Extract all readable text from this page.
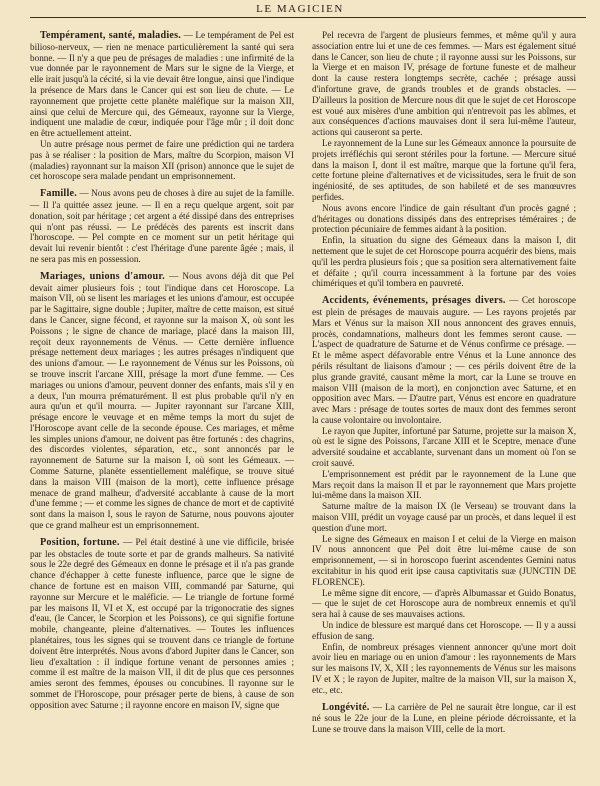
LE MAGICIEN

Tempérament, santé, maladies. — Le tempérament de Pel est bilioso-nerveux, — rien ne menace particulièrement la santé qui sera bonne. — Il n'y a que peu de présages de maladies : une infirmité de la vue donnée par le rayonnement de Mars sur le signe de la Vierge, et elle irait jusqu'à la cécité, si la vie devait être longue, ainsi que l'indique la présence de Mars dans le Cancer qui est son lieu de chute. — Le rayonnement que projette cette planète maléfique sur la maison XII, ainsi que celui de Mercure qui, des Gémeaux, rayonne sur la Vierge, indiquent une maladie de cœur, indiquée pour l'âge mûr ; il doit donc en être actuellement atteint.

Un autre présage nous permet de faire une prédiction qui ne tardera pas à se réaliser : la position de Mars, maître du Scorpion, maison VI (maladies) rayonnant sur la maison XII (prison) annonce que le sujet de cet horoscope sera malade pendant un emprisonnement.

Famille. — Nous avons peu de choses à dire au sujet de la famille. — Il l'a quittée assez jeune. — Il en a reçu quelque argent, soit par donation, soit par héritage ; cet argent a été dissipé dans des entreprises qui n'ont pas réussi. — Le prédécès des parents est inscrit dans l'horoscope. — Pel compte en ce moment sur un petit héritage qui devait lui revenir bientôt : c'est l'héritage d'une parente âgée ; mais, il ne sera pas mis en possession.

Mariages, unions d'amour. — Nous avons déjà dit que Pel devait aimer plusieurs fois ; tout l'indique dans cet Horoscope. La maison VII, où se lisent les mariages et les unions d'amour, est occupée par le Sagittaire, signe double ; Jupiter, maître de cette maison, est situé dans le Cancer, signe fécond, et rayonne sur la maison X, où sont les Poissons ; le signe de chance de mariage, placé dans la maison III, reçoit deux rayonnements de Vénus. — Cette dernière influence présage nettement deux mariages ; les autres présages n'indiquent que des unions d'amour. — Le rayonnement de Vénus sur les Poissons, où se trouve inscrit l'arcane XIII, présage la mort d'une femme. — Ces mariages ou unions d'amour, peuvent donner des enfants, mais s'il y en a deux, l'un mourra prématurément. Il est plus probable qu'il n'y en aura qu'un et qu'il mourra. — Jupiter rayonnant sur l'arcane XIII, présage encore le veuvage et en même temps la mort du sujet de l'Horoscope avant celle de la seconde épouse. Ces mariages, et même les simples unions d'amour, ne doivent pas être fortunés : des chagrins, des discordes violentes, séparation, etc., sont annoncés par le rayonnement de Saturne sur la maison I, où sont les Gémeaux. — Comme Saturne, planète essentiellement maléfique, se trouve situé dans la maison VIII (maison de la mort), cette influence présage menace de grand malheur, d'adversité accablante à cause de la mort d'une femme ; — et comme les signes de chance de mort et de captivité sont dans la maison I, sous le rayon de Saturne, nous pouvons ajouter que ce grand malheur est un emprisonnement.

Position, fortune. — Pel était destiné à une vie difficile, brisée par les obstacles de toute sorte et par de grands malheurs. Sa nativité sous le 22e degré des Gémeaux en donne le présage et il n'a pas grande chance d'échapper à cette funeste influence, parce que le signe de chance de fortune est en maison VIII, commandé par Saturne, qui rayonne sur Mercure et le maléficie. — Le triangle de fortune formé par les maisons II, VI et X, est occupé par la trigonocratie des signes d'eau, (le Cancer, le Scorpion et les Poissons), ce qui signifie fortune mobile, changeante, pleine d'alternatives. — Toutes les influences planétaires, tous les signes qui se trouvent dans ce triangle de fortune doivent être interprétés. Nous avons d'abord Jupiter dans le Cancer, son lieu d'exaltation : il indique fortune venant de personnes amies ; comme il est maître de la maison VII, il dit de plus que ces personnes amies seront des femmes, épouses ou concubines. Il rayonne sur le sommet de l'Horoscope, pour présager perte de biens, à cause de son opposition avec Saturne ; il rayonne encore en maison IV, signe que

Pel recevra de l'argent de plusieurs femmes, et même qu'il y aura association entre lui et une de ces femmes. — Mars est également situé dans le Cancer, son lieu de chute ; il rayonne aussi sur les Poissons, sur la Vierge et en maison IV, présage de fortune funeste et de malheur dont la cause restera longtemps secrète, cachée ; présage aussi d'infortune grave, de grands troubles et de grands obstacles. — D'ailleurs la position de Mercure nous dit que le sujet de cet Horoscope est voué aux misères d'une ambition qui n'entrevoit pas les abîmes, et aux conséquences d'actions mauvaises dont il sera lui-même l'auteur, actions qui causeront sa perte.

Le rayonnement de la Lune sur les Gémeaux annonce la poursuite de projets irréfléchis qui seront stériles pour la fortune. — Mercure situé dans la maison I, dont il est maître, marque que la fortune qu'il fera, cette fortune pleine d'alternatives et de vicissitudes, sera le fruit de son ingéniosité, de ses aptitudes, de son habileté et de ses manœuvres perfides.

Nous avons encore l'indice de gain résultant d'un procès gagné ; d'héritages ou donations dissipés dans des entreprises téméraires ; de protection pécuniaire de femmes aidant à la position.

Enfin, la situation du signe des Gémeaux dans la maison I, dit nettement que le sujet de cet Horoscope pourra acquérir des biens, mais qu'il les perdra plusieurs fois ; que sa position sera alternativement faite et défaite ; qu'il courra incessamment à la fortune par des voies chimériques et qu'il tombera en pauvreté.

Accidents, événements, présages divers. — Cet horoscope est plein de présages de mauvais augure. — Les rayons projetés par Mars et Vénus sur la maison XII nous annoncent des graves ennuis, procès, condamnations, malheurs dont les femmes seront cause. — L'aspect de quadrature de Saturne et de Vénus confirme ce présage. — Et le même aspect défavorable entre Vénus et la Lune annonce des périls résultant de liaisons d'amour ; — ces périls doivent être de la plus grande gravité, causant même la mort, car la Lune se trouve en maison VIII (maison de la mort), en conjonction avec Saturne, et en opposition avec Mars. — D'autre part, Vénus est encore en quadrature avec Mars : présage de toutes sortes de maux dont des femmes seront la cause volontaire ou involontaire.

Le rayon que Jupiter, infortuné par Saturne, projette sur la maison X, où est le signe des Poissons, l'arcane XIII et le Sceptre, menace d'une adversité soudaine et accablante, survenant dans un moment où l'on se croit sauvé.

L'emprisonnement est prédit par le rayonnement de la Lune que Mars reçoit dans la maison II et par le rayonnement que Mars projette lui-même dans la maison XII.

Saturne maître de la maison IX (le Verseau) se trouvant dans la maison VIII, prédit un voyage causé par un procès, et dans lequel il est question d'une mort.

Le signe des Gémeaux en maison I et celui de la Vierge en maison IV nous annoncent que Pel doit être lui-même cause de son emprisonnement, — si in horoscopo fuerint ascendentes Gemini natus excitabitur in his quod erit ipse causa captivitatis suæ (JUNCTIN DE FLORENCE).

Le même signe dit encore, — d'après Albumassar et Guido Bonatus, — que le sujet de cet Horoscope aura de nombreux ennemis et qu'il sera haï à cause de ses mauvaises actions.

Un indice de blessure est marqué dans cet Horoscope. — Il y a aussi effusion de sang.

Enfin, de nombreux présages viennent annoncer qu'une mort doit avoir lieu en mariage ou en union d'amour : les rayonnements de Mars sur les maisons IV, X, XII ; les rayonnements de Vénus sur les maisons IV et X ; le rayon de Jupiter, maître de la maison VII, sur la maison X, etc., etc.

Longévité. — La carrière de Pel ne saurait être longue, car il est né sous le 22e jour de la Lune, en pleine période décroissante, et la Lune se trouve dans la maison VIII, celle de la mort.
